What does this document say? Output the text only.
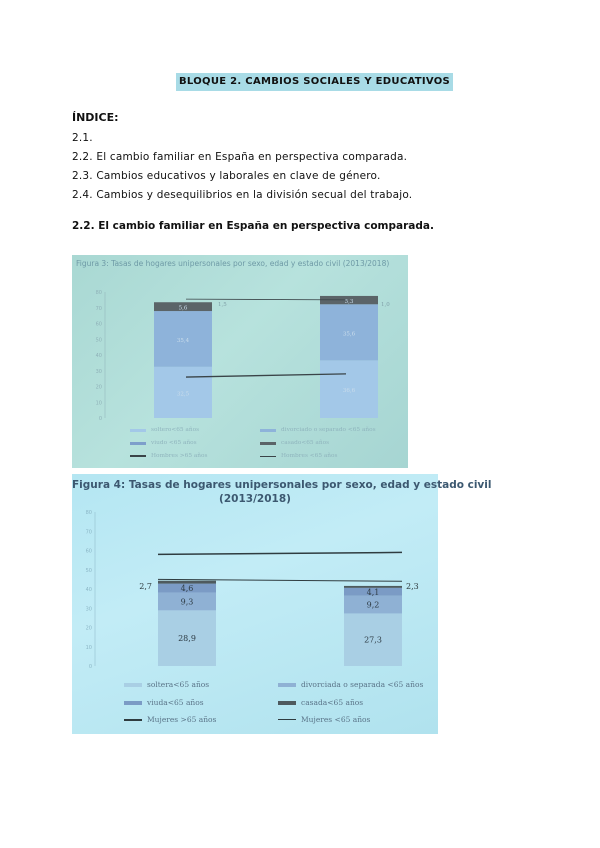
BLOQUE 2. CAMBIOS SOCIALES Y EDUCATIVOS
ÍNDICE:
2.1.
2.2. El cambio familiar en España en perspectiva comparada.
2.3. Cambios educativos y laborales en clave de género.
2.4. Cambios y desequilibrios en la división secual del trabajo.
2.2. El cambio familiar en España en perspectiva comparada.
0
10
20
30
40
50
60
70
80
32,5
35,4
5,6
36,6
35,6
5,3
1,5	1,0
Figura 3: Tasas de hogares unipersonales por sexo, edad y estado civil (2013/2018)
soltero<65 años	divorciado o separado <65 años
viudo <65 años	casado<65 años
Hombres >65 años	Hombres <65 años
0
10
20
30
40
50
60
70
80
28,9
9,3
4,6
27,3
9,2
4,1
2,7	2,3
Figura 4: Tasas de hogares unipersonales por sexo, edad y estado civil
(2013/2018)
soltera<65 años	divorciada o separada <65 años
viuda<65 años	casada<65 años
Mujeres >65 años	Mujeres <65 años
